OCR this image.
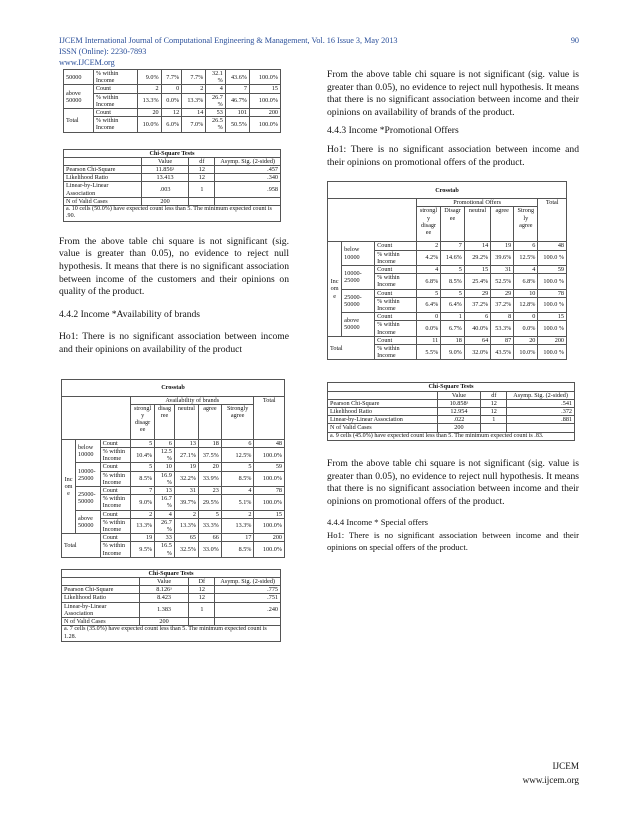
IJCEM International Journal of Computational Engineering & Management, Vol. 16 Issue 3, May 2013
ISSN (Online): 2230-7893
www.IJCEM.org
90
50000	% within Income	9.0%	7.7%	7.7%	32.1 %	43.6%	100.0%
above 50000	Count	2	0	2	4	7	15
	% within Income	13.3%	0.0%	13.3%	26.7 %	46.7%	100.0%
Total	Count	20	12	14	53	101	200
	% within Income	10.0%	6.0%	7.0%	26.5 %	50.5%	100.0%
Chi-Square Tests			
	Value	df	Asymp. Sig. (2-sided)
Pearson Chi-Square	11.856ᵃ	12	.457
Likelihood Ratio	13.413	12	.340
Linear-by-Linear Association	.003	1	.958
N of Valid Cases	200		
a. 10 cells (50.0%) have expected count less than 5. The minimum expected count is .90.			

From the above table chi square is not significant (sig. value is greater than 0.05), no evidence to reject null hypothesis. It means that there is no significant association between income of the customers and their opinions on quality of the product.

4.4.2 Income *Availability of brands

Ho1: There is no significant association between income and their opinions on availability of the product

Crosstab								
			Availability of brands					Total
			strongl y disagr ee	disag ree	neutral	agree	Strongly agree	
Inc om e	below 10000	Count	5	6	13	18	6	48
		% within Income	10.4%	12.5 %	27.1%	37.5%	12.5%	100.0%
	10000- 25000	Count	5	10	19	20	5	59
		% within Income	8.5%	16.9 %	32.2%	33.9%	8.5%	100.0%
	25000- 50000	Count	7	13	31	23	4	78
		% within Income	9.0%	16.7 %	39.7%	29.5%	5.1%	100.0%
	above 50000	Count	2	4	2	5	2	15
		% within Income	13.3%	26.7 %	13.3%	33.3%	13.3%	100.0%
Total		Count	19	33	65	66	17	200
		% within Income	9.5%	16.5 %	32.5%	33.0%	8.5%	100.0%
Chi-Square Tests			
	Value	Df	Asymp. Sig. (2-sided)
Pearson Chi-Square	8.126ᵃ	12	.775
Likelihood Ratio	8.423	12	.751
Linear-by-Linear Association	1.383	1	.240
N of Valid Cases	200		
a. 7 cells (35.0%) have expected count less than 5. The minimum expected count is 1.28.			

From the above table chi square is not significant (sig. value is greater than 0.05), no evidence to reject null hypothesis. It means that there is no significant association between income and their opinions on availability of brands of the product.

4.4.3 Income *Promotional Offers

Ho1: There is no significant association between income and their opinions on promotional offers of the product.

Crosstab								
			Promotional Offers					Total
			strongl y disagr ee	Disagr ee	neutral	agree	Strong ly agree	
Inc om e	below 10000	Count	2	7	14	19	6	48
		% within Income	4.2%	14.6%	29.2%	39.6%	12.5%	100.0 %
	10000- 25000	Count	4	5	15	31	4	59
		% within Income	6.8%	8.5%	25.4%	52.5%	6.8%	100.0 %
	25000- 50000	Count	5	5	29	29	10	78
		% within Income	6.4%	6.4%	37.2%	37.2%	12.8%	100.0 %
	above 50000	Count	0	1	6	8	0	15
		% within Income	0.0%	6.7%	40.0%	53.3%	0.0%	100.0 %
Total		Count	11	18	64	87	20	200
		% within Income	5.5%	9.0%	32.0%	43.5%	10.0%	100.0 %
Chi-Square Tests			
	Value	df	Asymp. Sig. (2-sided)
Pearson Chi-Square	10.858ᵃ	12	.541
Likelihood Ratio	12.954	12	.372
Linear-by-Linear Association	.022	1	.881
N of Valid Cases	200		
a. 9 cells (45.0%) have expected count less than 5. The minimum expected count is .83.			

From the above table chi square is not significant (sig. value is greater than 0.05), no evidence to reject null hypothesis. It means that there is no significant association between income and their opinions on promotional offers of the product.

4.4.4 Income * Special offers

Ho1: There is no significant association between income and their opinions on special offers of the product.

IJCEM
www.ijcem.org
